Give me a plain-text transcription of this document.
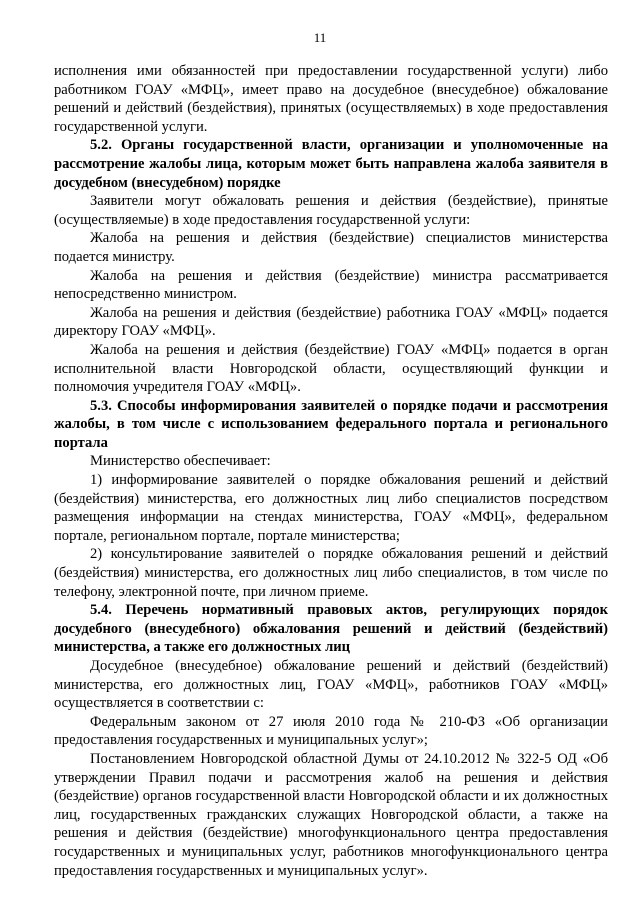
11

исполнения ими обязанностей при предоставлении государственной услуги) либо работником ГОАУ «МФЦ», имеет право на досудебное (внесудебное) обжалование решений и действий (бездействия), принятых (осуществляемых) в ходе предоставления государственной услуги.

5.2. Органы государственной власти, организации и уполномоченные на рассмотрение жалобы лица, которым может быть направлена жалоба заявителя в досудебном (внесудебном) порядке

Заявители могут обжаловать решения и действия (бездействие), принятые (осуществляемые) в ходе предоставления государственной услуги:

Жалоба на решения и действия (бездействие) специалистов министерства подается министру.

Жалоба на решения и действия (бездействие) министра рассматривается непосредственно министром.

Жалоба на решения и действия (бездействие) работника ГОАУ «МФЦ» подается директору ГОАУ «МФЦ».

Жалоба на решения и действия (бездействие) ГОАУ «МФЦ» подается в орган исполнительной власти Новгородской области, осуществляющий функции и полномочия учредителя ГОАУ «МФЦ».

5.3. Способы информирования заявителей о порядке подачи и рассмотрения жалобы, в том числе с использованием федерального портала и регионального портала

Министерство обеспечивает:

1) информирование заявителей о порядке обжалования решений и действий (бездействия) министерства, его должностных лиц либо специалистов посредством размещения информации на стендах министерства, ГОАУ «МФЦ», федеральном портале, региональном портале, портале министерства;

2) консультирование заявителей о порядке обжалования решений и действий (бездействия) министерства, его должностных лиц либо специалистов, в том числе по телефону, электронной почте, при личном приеме.

5.4. Перечень нормативный правовых актов, регулирующих порядок досудебного (внесудебного) обжалования решений и действий (бездействий) министерства, а также его должностных лиц

Досудебное (внесудебное) обжалование решений и действий (бездействий) министерства, его должностных лиц, ГОАУ «МФЦ», работников ГОАУ «МФЦ» осуществляется в соответствии с:

Федеральным законом от 27 июля 2010 года № 210-ФЗ «Об организации предоставления государственных и муниципальных услуг»;

Постановлением Новгородской областной Думы от 24.10.2012 № 322-5 ОД «Об утверждении Правил подачи и рассмотрения жалоб на решения и действия (бездействие) органов государственной власти Новгородской области и их должностных лиц, государственных гражданских служащих Новгородской области, а также на решения и действия (бездействие) многофункционального центра предоставления государственных и муниципальных услуг, работников многофункционального центра предоставления государственных и муниципальных услуг».
